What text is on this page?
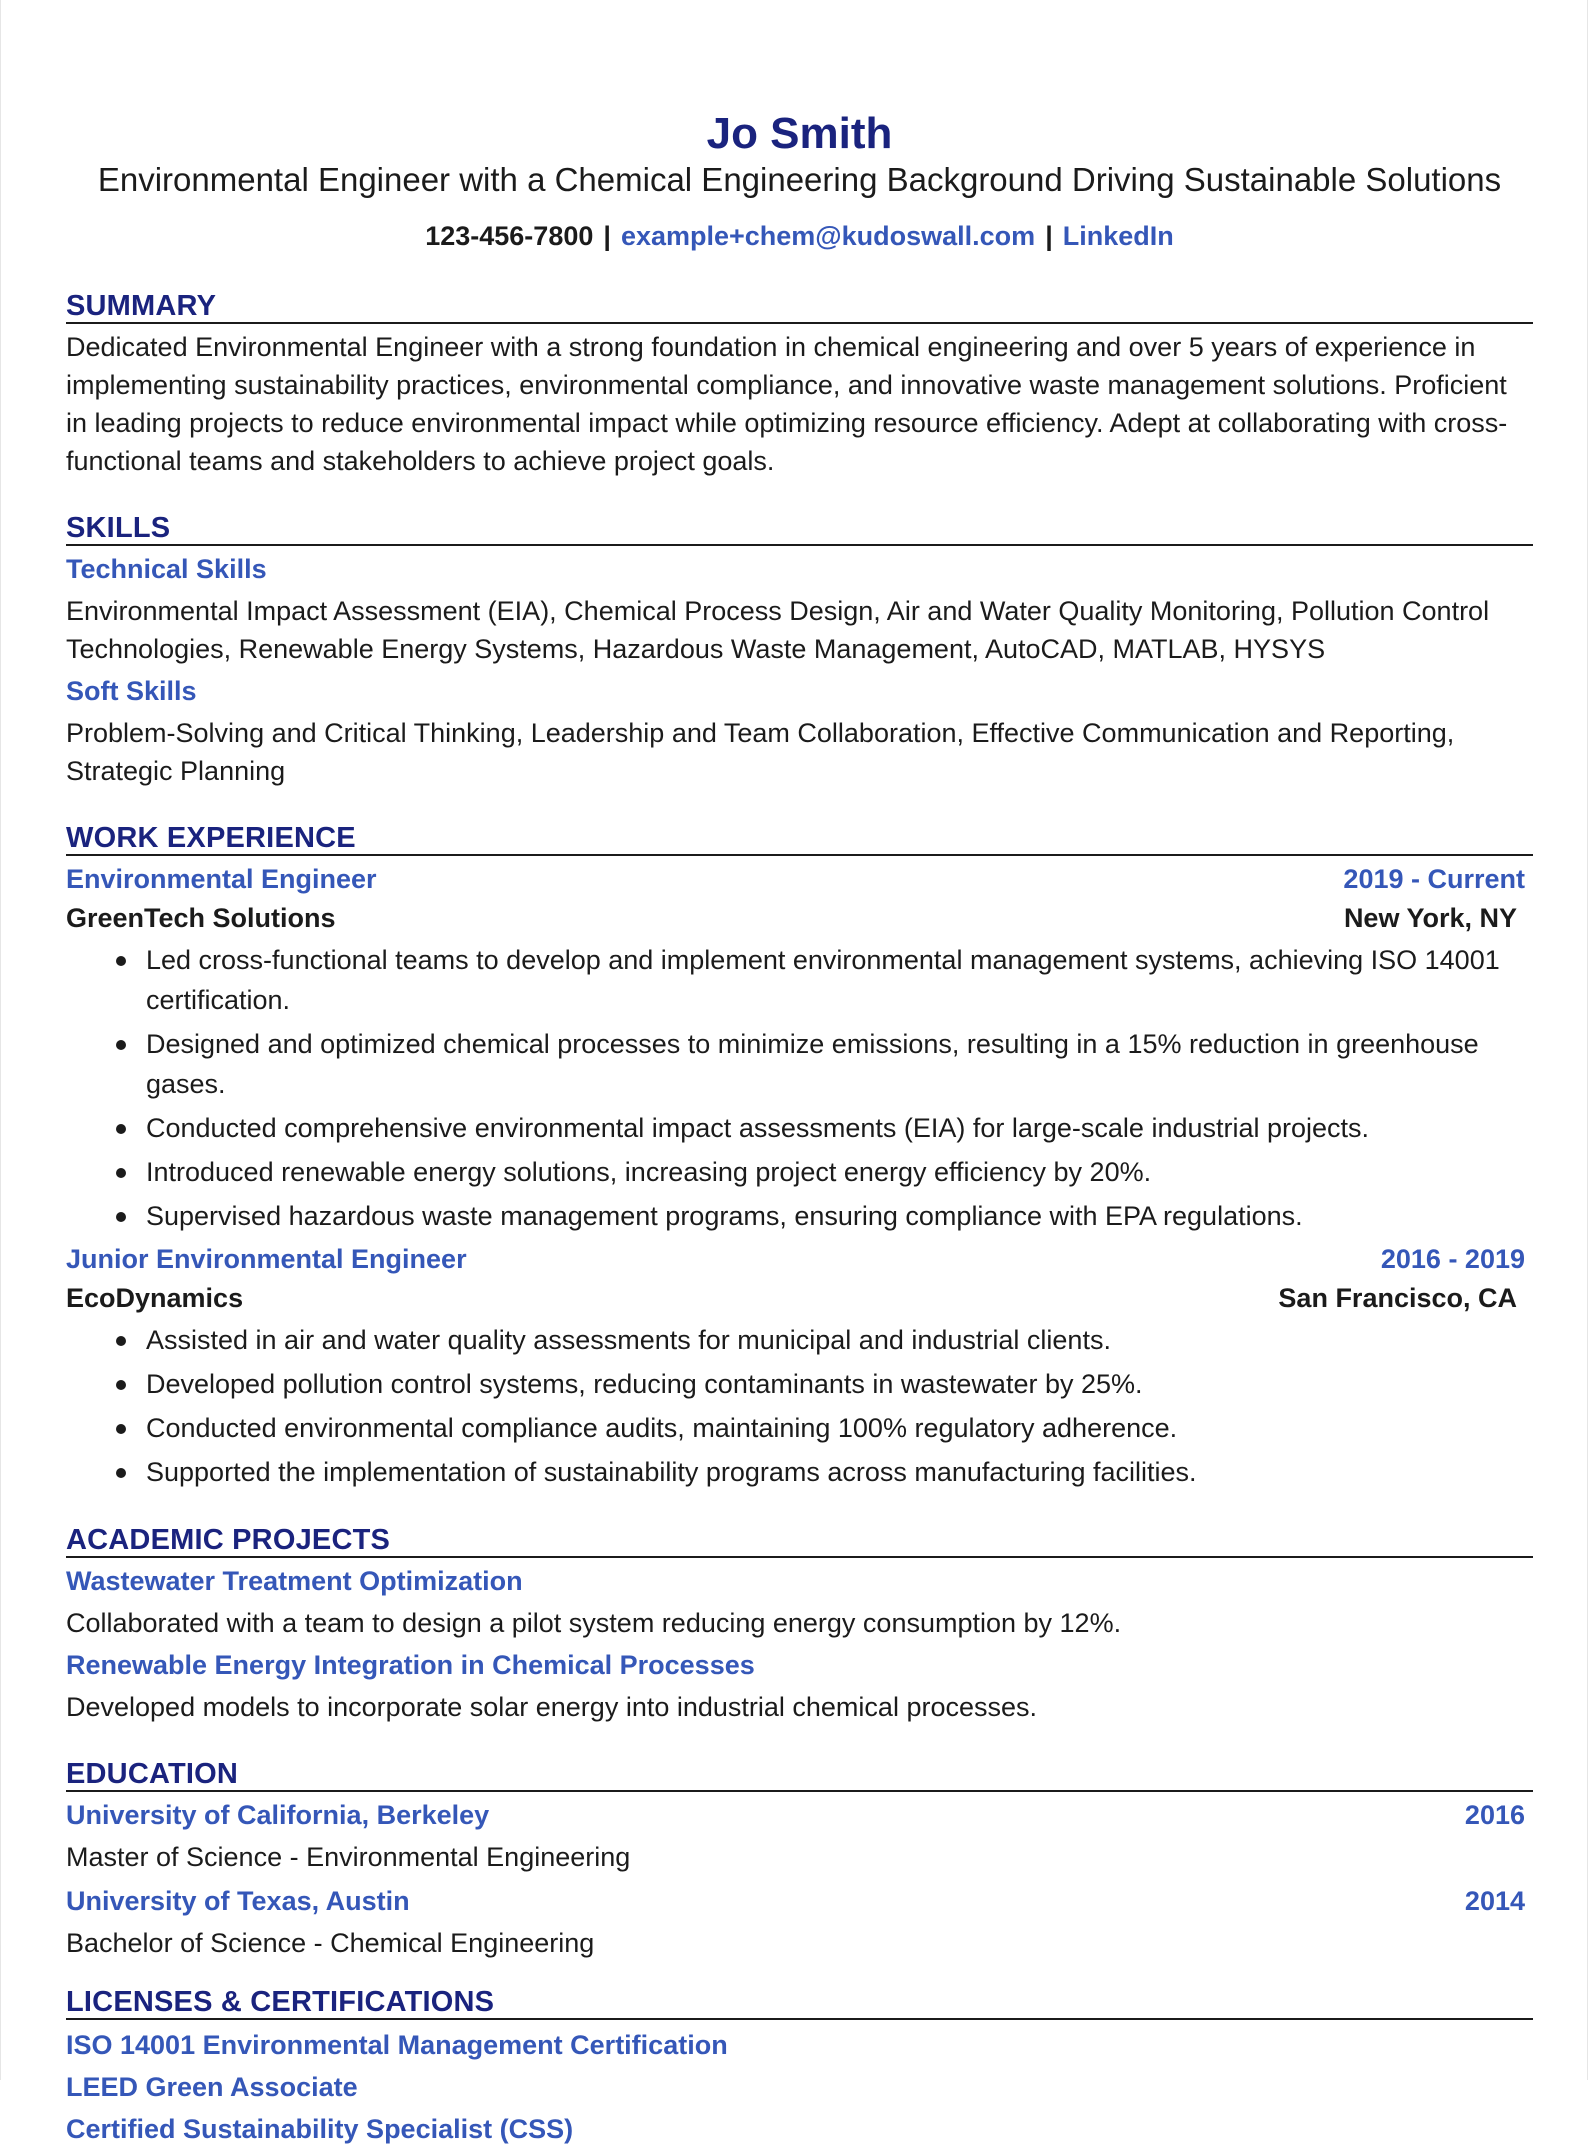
Jo Smith

Environmental Engineer with a Chemical Engineering Background Driving Sustainable Solutions

123-456-7800 | example+chem@kudoswall.com | LinkedIn
SUMMARY

Dedicated Environmental Engineer with a strong foundation in chemical engineering and over 5 years of experience in implementing sustainability practices, environmental compliance, and innovative waste management solutions. Proficient in leading projects to reduce environmental impact while optimizing resource efficiency. Adept at collaborating with cross-functional teams and stakeholders to achieve project goals.

SKILLS

Technical Skills

Environmental Impact Assessment (EIA), Chemical Process Design, Air and Water Quality Monitoring, Pollution Control Technologies, Renewable Energy Systems, Hazardous Waste Management, AutoCAD, MATLAB, HYSYS

Soft Skills

Problem-Solving and Critical Thinking, Leadership and Team Collaboration, Effective Communication and Reporting, Strategic Planning

WORK EXPERIENCE
Environmental Engineer	2019 - Current
GreenTech Solutions	New York, NY
Led cross-functional teams to develop and implement environmental management systems, achieving ISO 14001 certification.
Designed and optimized chemical processes to minimize emissions, resulting in a 15% reduction in greenhouse gases.
Conducted comprehensive environmental impact assessments (EIA) for large-scale industrial projects.
Introduced renewable energy solutions, increasing project energy efficiency by 20%.
Supervised hazardous waste management programs, ensuring compliance with EPA regulations.
Junior Environmental Engineer	2016 - 2019
EcoDynamics	San Francisco, CA
Assisted in air and water quality assessments for municipal and industrial clients.
Developed pollution control systems, reducing contaminants in wastewater by 25%.
Conducted environmental compliance audits, maintaining 100% regulatory adherence.
Supported the implementation of sustainability programs across manufacturing facilities.
ACADEMIC PROJECTS

Wastewater Treatment Optimization

Collaborated with a team to design a pilot system reducing energy consumption by 12%.

Renewable Energy Integration in Chemical Processes

Developed models to incorporate solar energy into industrial chemical processes.

EDUCATION
University of California, Berkeley	2016

Master of Science - Environmental Engineering

University of Texas, Austin	2014

Bachelor of Science - Chemical Engineering

LICENSES & CERTIFICATIONS

ISO 14001 Environmental Management Certification

LEED Green Associate

Certified Sustainability Specialist (CSS)
